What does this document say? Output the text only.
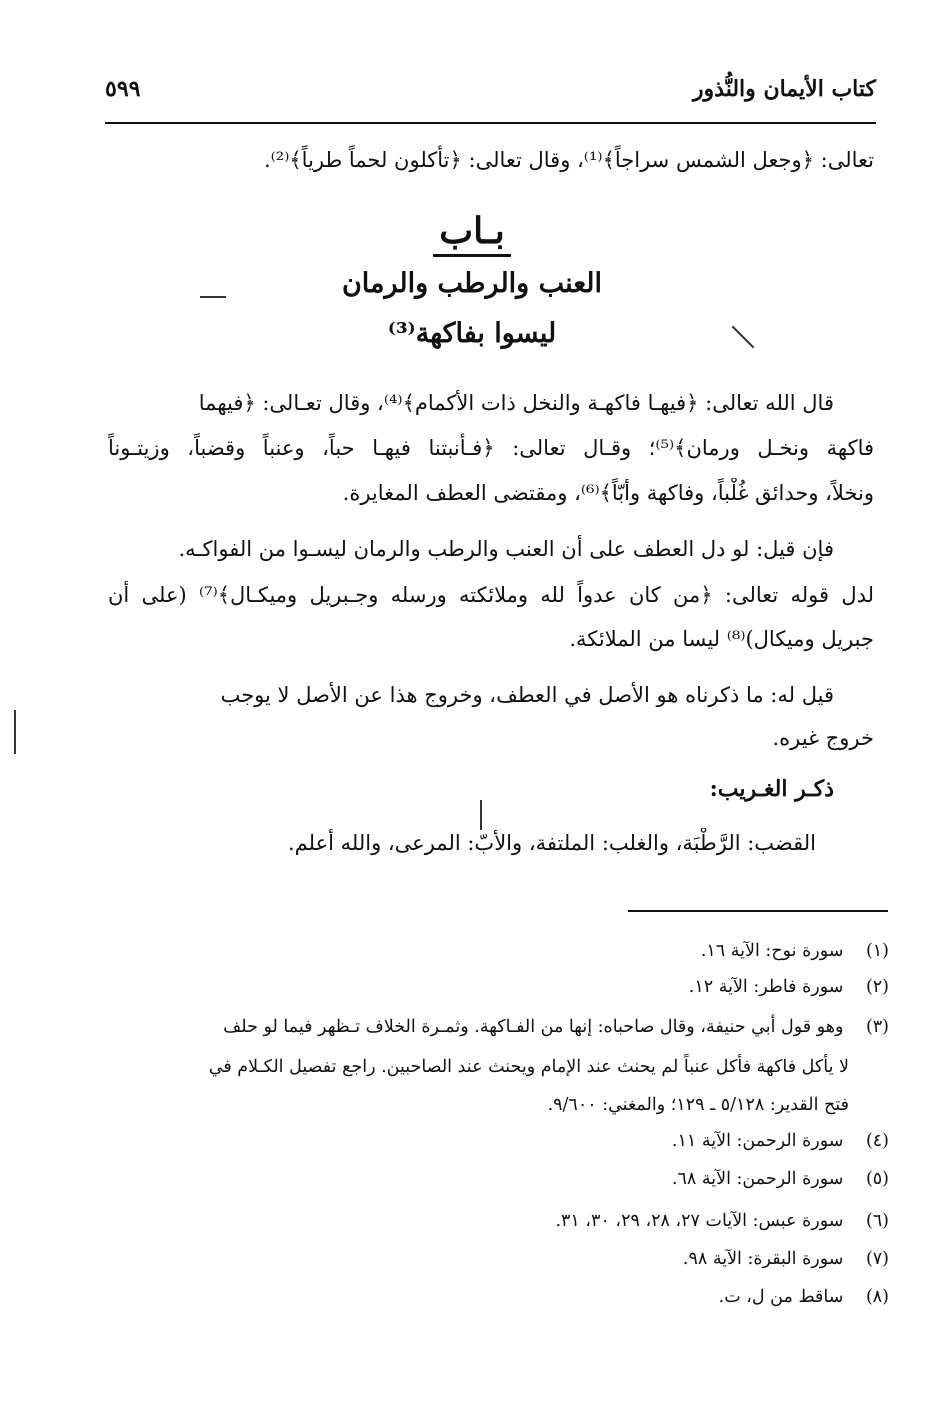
كتاب الأيمان والنُّذور
٥٩٩
تعالى: ﴿وجعل الشمس سراجاً﴾⁽¹⁾، وقال تعالى: ﴿تأكلون لحماً طرياً﴾⁽²⁾.
بـاب
العنب والرطب والرمان
ليسوا بفاكهة⁽³⁾
قال الله تعالى: ﴿فيهـا فاكهـة والنخل ذات الأكمام﴾⁽⁴⁾، وقال تعـالى: ﴿فيهما
فاكهة ونخـل ورمان﴾⁽⁵⁾؛ وقـال تعالى: ﴿فـأنبتنا فيهـا حباً، وعنباً وقضباً، وزيتـوناً
ونخلاً، وحدائق غُلْباً، وفاكهة وأبّاً﴾⁽⁶⁾، ومقتضى العطف المغايرة.
فإن قيل: لو دل العطف على أن العنب والرطب والرمان ليسـوا من الفواكـه.
لدل قوله تعالى: ﴿من كان عدواً لله وملائكته ورسله وجـبريل وميكـال﴾⁽⁷⁾ (على أن
جبريل وميكال)⁽⁸⁾ ليسا من الملائكة.
قيل له: ما ذكرناه هو الأصل في العطف، وخروج هذا عن الأصل لا يوجب
خروج غيره.
ذكـر الغـريب:
القضب: الرَّطْبَة، والغلب: الملتفة، والأبّ: المرعى، والله أعلم.
(١) سورة نوح: الآية ١٦.
(٢) سورة فاطر: الآية ١٢.
(٣) وهو قول أبي حنيفة، وقال صاحباه: إنها من الفـاكهة. وثمـرة الخلاف تـظهر فيما لو حلف
لا يأكل فاكهة فأكل عنباً لم يحنث عند الإمام ويحنث عند الصاحبين. راجع تفصيل الكـلام في
فتح القدير: ٥/١٢٨ ـ ١٢٩؛ والمغني: ٩/٦٠٠.
(٤) سورة الرحمن: الآية ١١.
(٥) سورة الرحمن: الآية ٦٨.
(٦) سورة عبس: الآيات ٢٧، ٢٨، ٢٩، ٣٠، ٣١.
(٧) سورة البقرة: الآية ٩٨.
(٨) ساقط من ل، ت.
